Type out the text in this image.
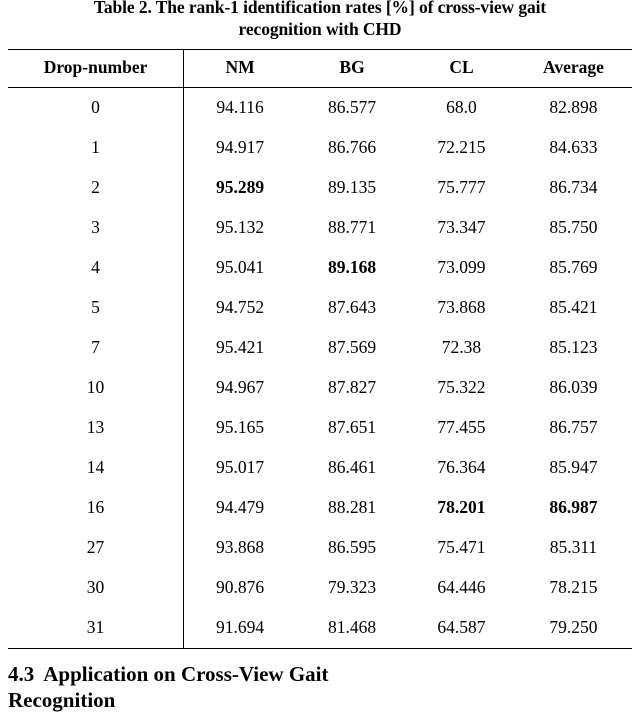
Table 2. The rank-1 identification rates [%] of cross-view gait
recognition with CHD
Drop-number	NM	BG	CL	Average
0	94.116	86.577	68.0	82.898
1	94.917	86.766	72.215	84.633
2	95.289	89.135	75.777	86.734
3	95.132	88.771	73.347	85.750
4	95.041	89.168	73.099	85.769
5	94.752	87.643	73.868	85.421
7	95.421	87.569	72.38	85.123
10	94.967	87.827	75.322	86.039
13	95.165	87.651	77.455	86.757
14	95.017	86.461	76.364	85.947
16	94.479	88.281	78.201	86.987
27	93.868	86.595	75.471	85.311
30	90.876	79.323	64.446	78.215
31	91.694	81.468	64.587	79.250
4.3 Application on Cross-View Gait
Recognition
